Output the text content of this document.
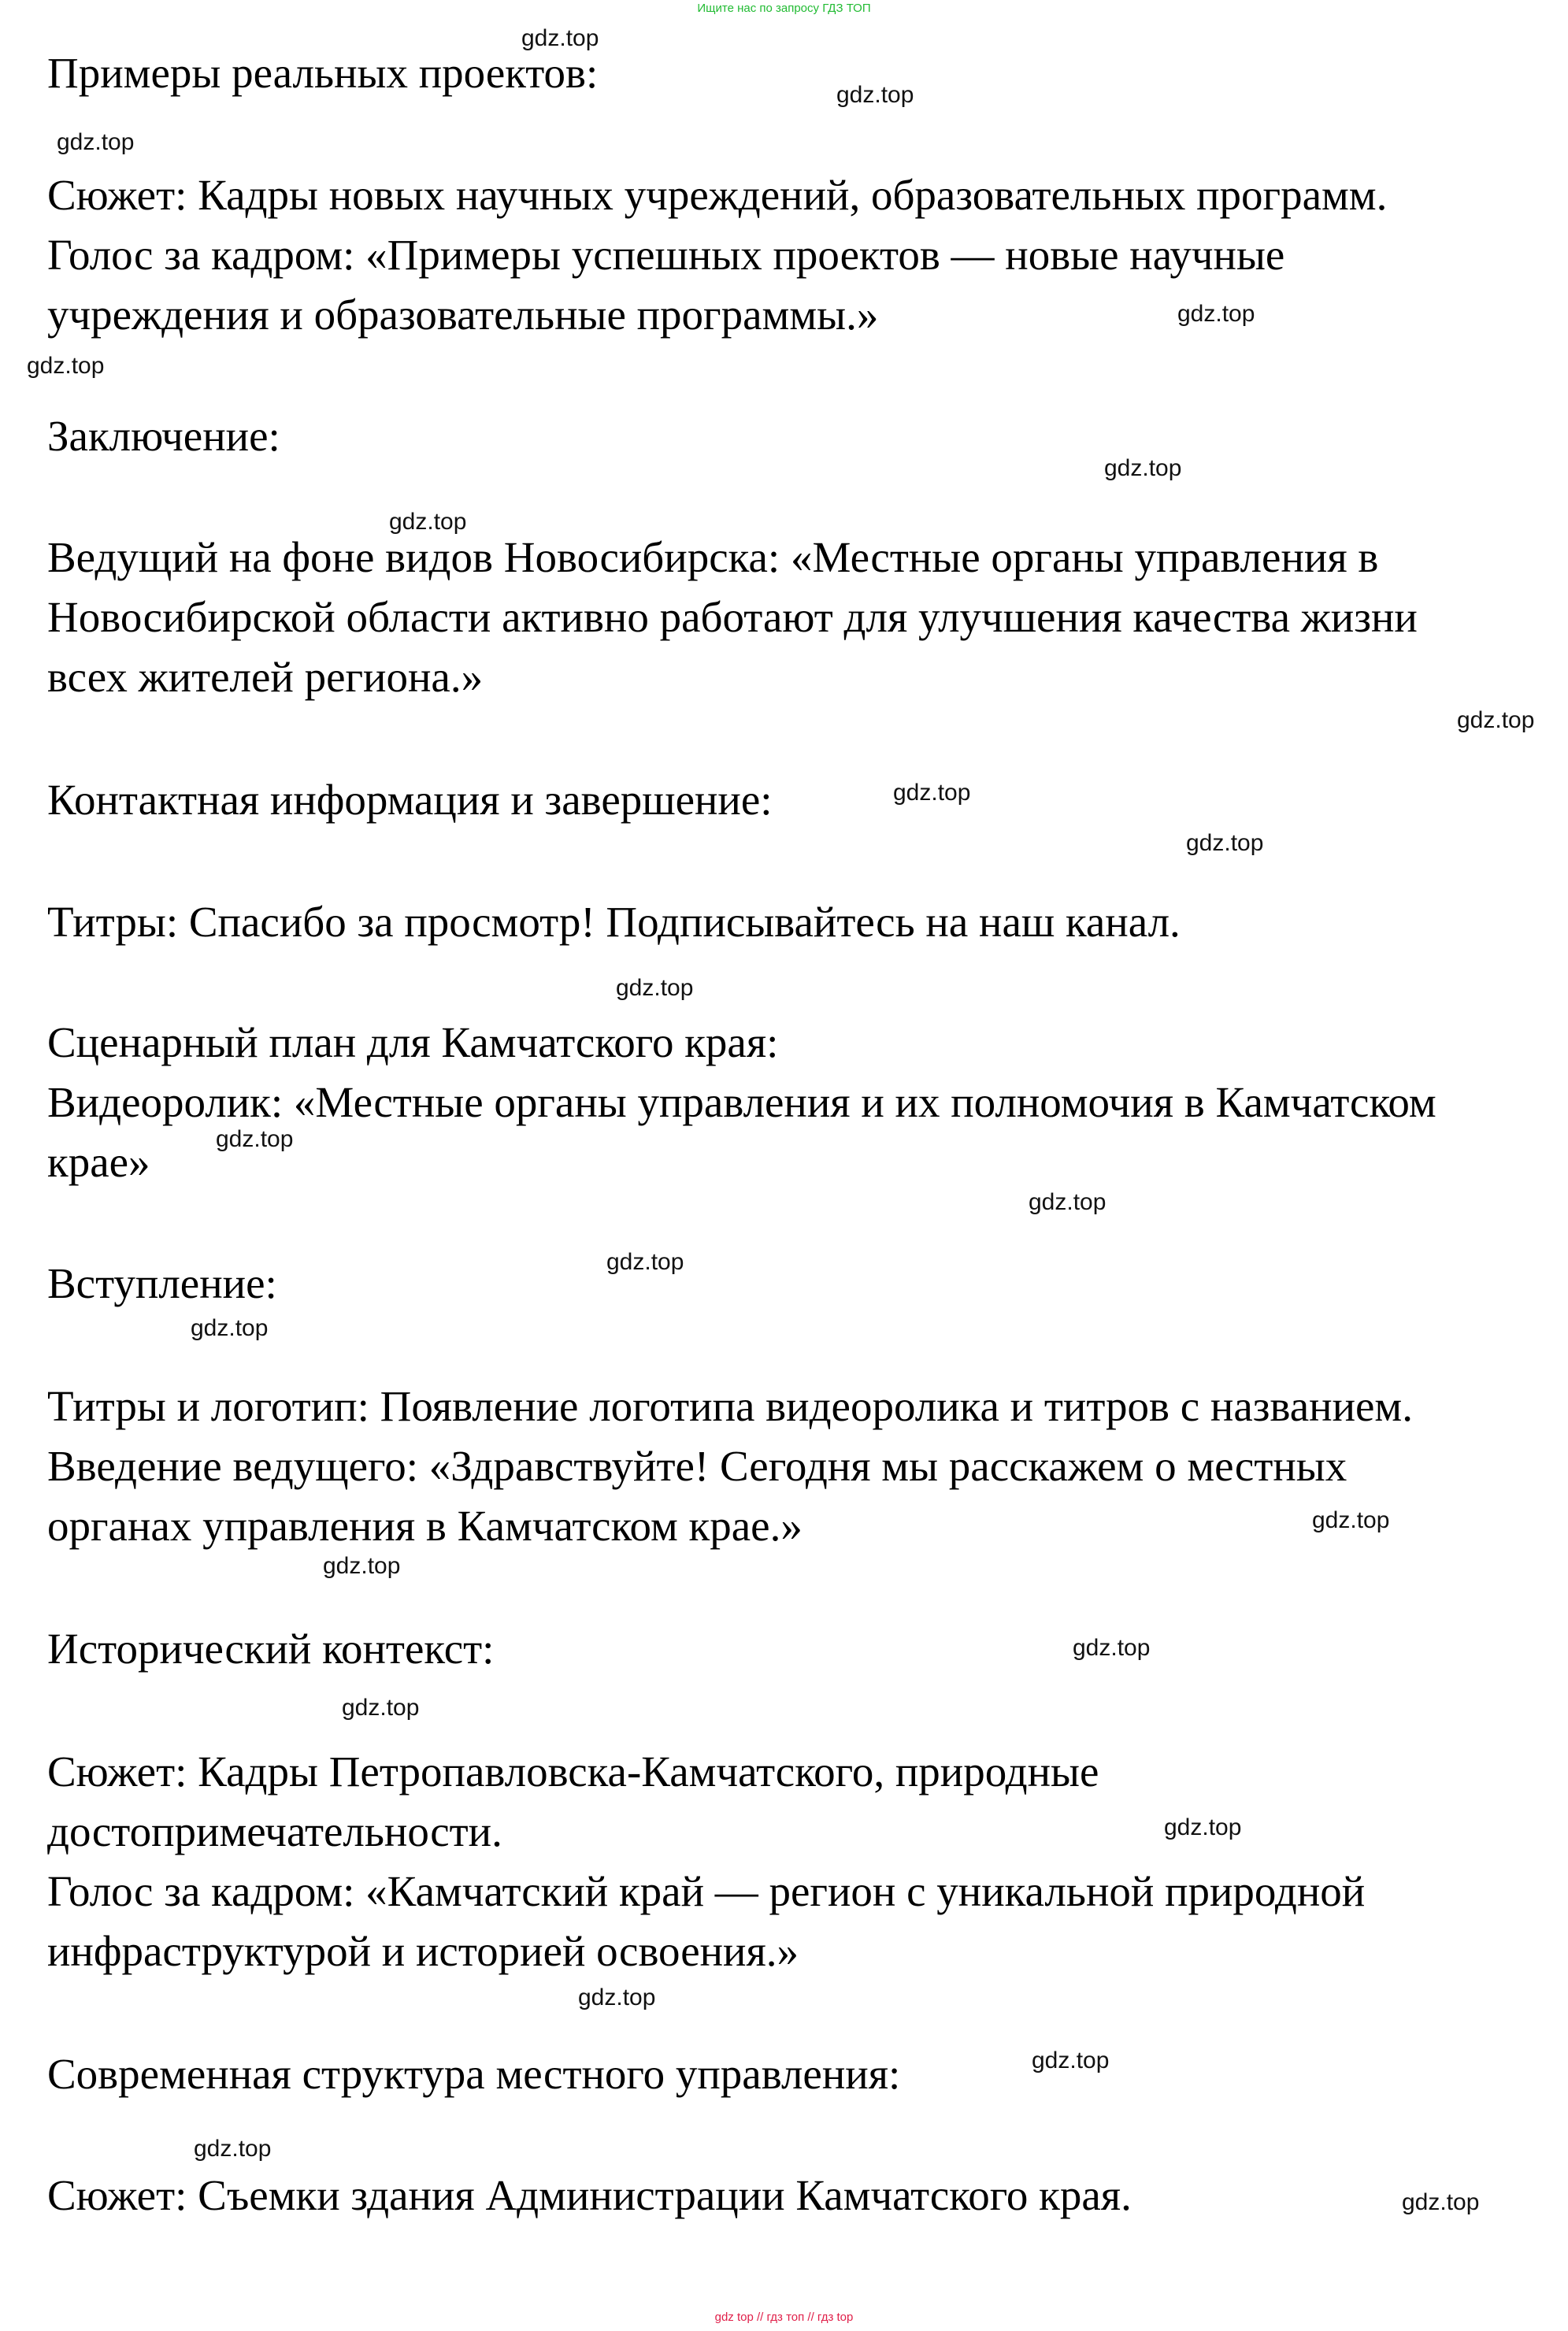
Ищите нас по запросу ГДЗ ТОП
Примеры реальных проектов:
Сюжет: Кадры новых научных учреждений, образовательных программ.
Голос за кадром: «Примеры успешных проектов — новые научные
учреждения и образовательные программы.»
Заключение:
Ведущий на фоне видов Новосибирска: «Местные органы управления в
Новосибирской области активно работают для улучшения качества жизни
всех жителей региона.»
Контактная информация и завершение:
Титры: Спасибо за просмотр! Подписывайтесь на наш канал.
Сценарный план для Камчатского края:
Видеоролик: «Местные органы управления и их полномочия в Камчатском
крае»
Вступление:
Титры и логотип: Появление логотипа видеоролика и титров с названием.
Введение ведущего: «Здравствуйте! Сегодня мы расскажем о местных
органах управления в Камчатском крае.»
Исторический контекст:
Сюжет: Кадры Петропавловска-Камчатского, природные
достопримечательности.
Голос за кадром: «Камчатский край — регион с уникальной природной
инфраструктурой и историей освоения.»
Современная структура местного управления:
Сюжет: Съемки здания Администрации Камчатского края.
gdz.top
gdz.top
gdz.top
gdz.top
gdz.top
gdz.top
gdz.top
gdz.top
gdz.top
gdz.top
gdz.top
gdz.top
gdz.top
gdz.top
gdz.top
gdz.top
gdz.top
gdz.top
gdz.top
gdz.top
gdz.top
gdz.top
gdz.top
gdz.top
gdz top // гдз топ // гдз top
